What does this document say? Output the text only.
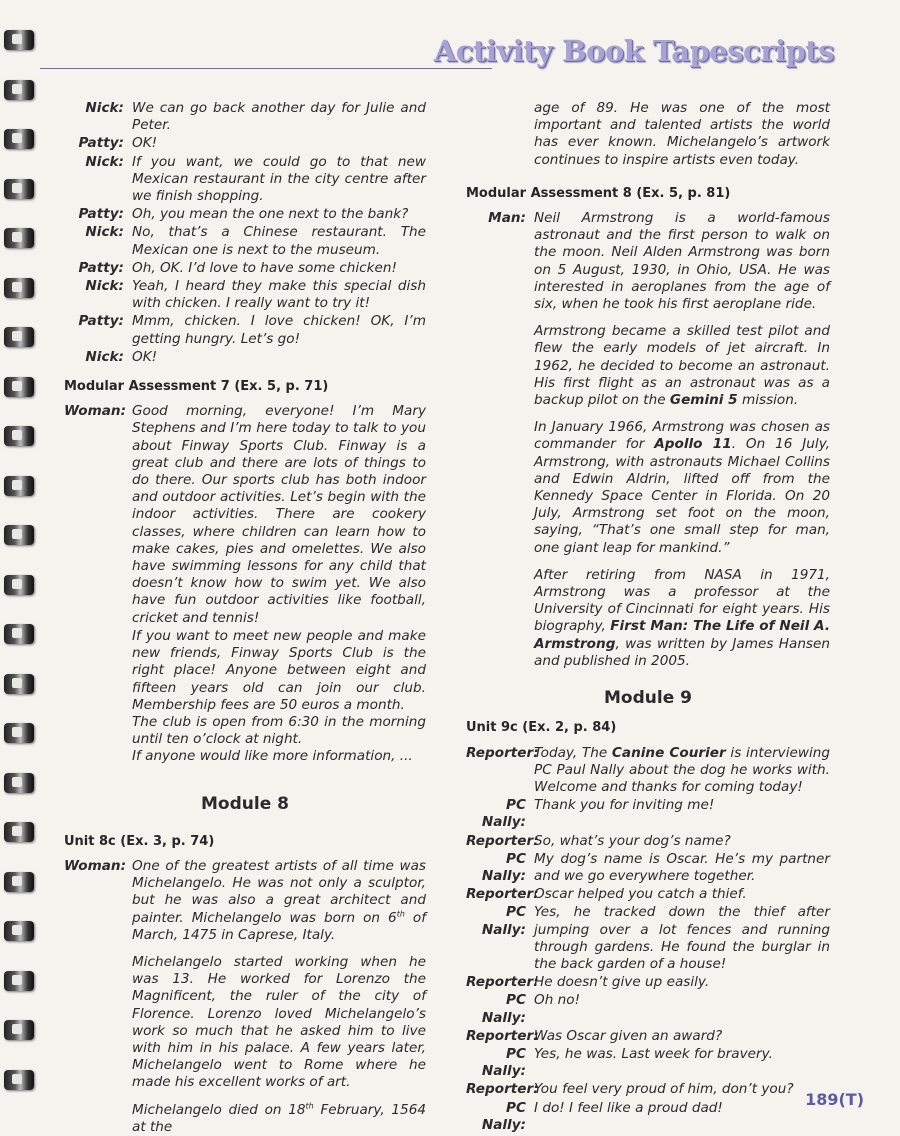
Activity Book Tapescripts
Nick: We can go back another day for Julie and Peter.
Patty: OK!
Nick: If you want, we could go to that new Mexican restaurant in the city centre after we finish shopping.
Patty: Oh, you mean the one next to the bank?
Nick: No, that’s a Chinese restaurant. The Mexican one is next to the museum.
Patty: Oh, OK. I’d love to have some chicken!
Nick: Yeah, I heard they make this special dish with chicken. I really want to try it!
Patty: Mmm, chicken. I love chicken! OK, I’m getting hungry. Let’s go!
Nick: OK!
Modular Assessment 7 (Ex. 5, p. 71)
Woman: Good morning, everyone! I’m Mary Stephens and I’m here today to talk to you about Finway Sports Club. Finway is a great club and there are lots of things to do there. Our sports club has both indoor and outdoor activities. Let’s begin with the indoor activities. There are cookery classes, where children can learn how to make cakes, pies and omelettes. We also have swimming lessons for any child that doesn’t know how to swim yet. We also have fun outdoor activities like football, cricket and tennis!
If you want to meet new people and make new friends, Finway Sports Club is the right place! Anyone between eight and fifteen years old can join our club. Membership fees are 50 euros a month.
The club is open from 6:30 in the morning until ten o’clock at night.
If anyone would like more information, ...
Module 8
Unit 8c (Ex. 3, p. 74)
Woman: One of the greatest artists of all time was Michelangelo. He was not only a sculptor, but he was also a great architect and painter. Michelangelo was born on 6th of March, 1475 in Caprese, Italy.
Michelangelo started working when he was 13. He worked for Lorenzo the Magnificent, the ruler of the city of Florence. Lorenzo loved Michelangelo’s work so much that he asked him to live with him in his palace. A few years later, Michelangelo went to Rome where he made his excellent works of art.
Michelangelo died on 18th February, 1564 at the
age of 89. He was one of the most important and talented artists the world has ever known. Michelangelo’s artwork continues to inspire artists even today.
Modular Assessment 8 (Ex. 5, p. 81)
Man: Neil Armstrong is a world-famous astronaut and the first person to walk on the moon. Neil Alden Armstrong was born on 5 August, 1930, in Ohio, USA. He was interested in aeroplanes from the age of six, when he took his first aeroplane ride.
Armstrong became a skilled test pilot and flew the early models of jet aircraft. In 1962, he decided to become an astronaut. His first flight as an astronaut was as a backup pilot on the Gemini 5 mission.
In January 1966, Armstrong was chosen as commander for Apollo 11. On 16 July, Armstrong, with astronauts Michael Collins and Edwin Aldrin, lifted off from the Kennedy Space Center in Florida. On 20 July, Armstrong set foot on the moon, saying, “That’s one small step for man, one giant leap for mankind.”
After retiring from NASA in 1971, Armstrong was a professor at the University of Cincinnati for eight years. His biography, First Man: The Life of Neil A. Armstrong, was written by James Hansen and published in 2005.
Module 9
Unit 9c (Ex. 2, p. 84)
Reporter:
Today, The Canine Courier is interviewing PC Paul Nally about the dog he works with. Welcome and thanks for coming today!
PC Nally:
Thank you for inviting me!
Reporter:
So, what’s your dog’s name?
PC Nally:
My dog’s name is Oscar. He’s my partner and we go everywhere together.
Reporter:
Oscar helped you catch a thief.
PC Nally:
Yes, he tracked down the thief after jumping over a lot fences and running through gardens. He found the burglar in the back garden of a house!
Reporter:
He doesn’t give up easily.
PC Nally:
Oh no!
Reporter:
Was Oscar given an award?
PC Nally:
Yes, he was. Last week for bravery.
Reporter:
You feel very proud of him, don’t you?
PC Nally:
I do! I feel like a proud dad!	189(T)
